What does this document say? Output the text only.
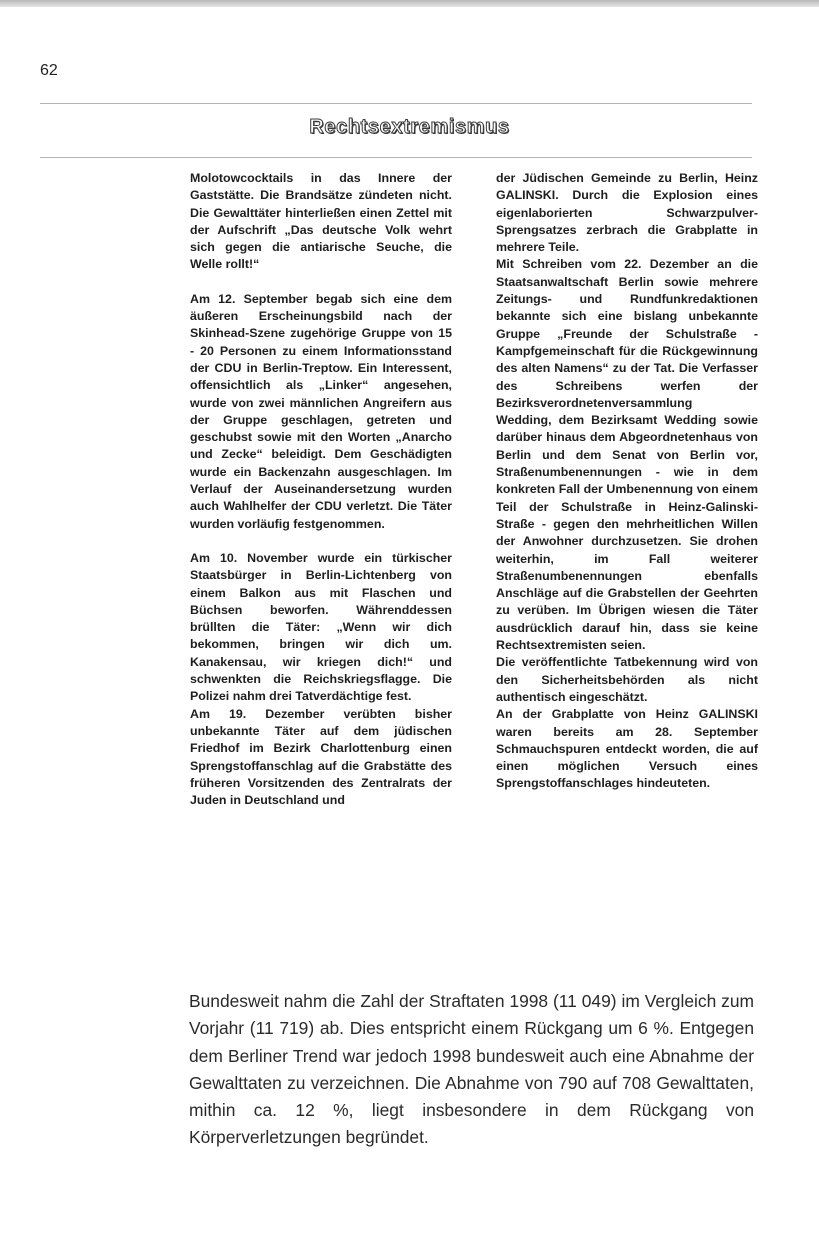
62
Rechtsextremismus

Molotowcocktails in das Innere der Gaststätte. Die Brandsätze zündeten nicht. Die Gewalttäter hinterließen einen Zettel mit der Aufschrift „Das deutsche Volk wehrt sich gegen die antiarische Seuche, die Welle rollt!“

Am 12. September begab sich eine dem äußeren Erscheinungsbild nach der Skinhead-Szene zugehörige Gruppe von 15 - 20 Personen zu einem Informationsstand der CDU in Berlin-Treptow. Ein Interessent, offensichtlich als „Linker“ angesehen, wurde von zwei männlichen Angreifern aus der Gruppe geschlagen, getreten und geschubst sowie mit den Worten „Anarcho und Zecke“ beleidigt. Dem Geschädigten wurde ein Backenzahn ausgeschlagen. Im Verlauf der Auseinandersetzung wurden auch Wahlhelfer der CDU verletzt. Die Täter wurden vorläufig festgenommen.

Am 10. November wurde ein türkischer Staatsbürger in Berlin-Lichtenberg von einem Balkon aus mit Flaschen und Büchsen beworfen. Währenddessen brüllten die Täter: „Wenn wir dich bekommen, bringen wir dich um. Kanakensau, wir kriegen dich!“ und schwenkten die Reichskriegsflagge. Die Polizei nahm drei Tatverdächtige fest.

Am 19. Dezember verübten bisher unbekannte Täter auf dem jüdischen Friedhof im Bezirk Charlottenburg einen Sprengstoffanschlag auf die Grabstätte des früheren Vorsitzenden des Zentralrats der Juden in Deutschland und

der Jüdischen Gemeinde zu Berlin, Heinz GALINSKI. Durch die Explosion eines eigenlaborierten Schwarzpulver-Sprengsatzes zerbrach die Grabplatte in mehrere Teile.

Mit Schreiben vom 22. Dezember an die Staatsanwaltschaft Berlin sowie mehrere Zeitungs- und Rundfunkredaktionen bekannte sich eine bislang unbekannte Gruppe „Freunde der Schulstraße - Kampfgemeinschaft für die Rückgewinnung des alten Namens“ zu der Tat. Die Verfasser des Schreibens werfen der Bezirksverordnetenversammlung

Wedding, dem Bezirksamt Wedding sowie darüber hinaus dem Abgeordnetenhaus von Berlin und dem Senat von Berlin vor, Straßenumbenennungen - wie in dem konkreten Fall der Umbenennung von einem Teil der Schulstraße in Heinz-Galinski-Straße - gegen den mehrheitlichen Willen der Anwohner durchzusetzen. Sie drohen weiterhin, im Fall weiterer Straßenumbenennungen ebenfalls Anschläge auf die Grabstellen der Geehrten zu verüben. Im Übrigen wiesen die Täter ausdrücklich darauf hin, dass sie keine Rechtsextremisten seien.

Die veröffentlichte Tatbekennung wird von den Sicherheitsbehörden als nicht authentisch eingeschätzt.

An der Grabplatte von Heinz GALINSKI waren bereits am 28. September Schmauchspuren entdeckt worden, die auf einen möglichen Versuch eines Sprengstoffanschlages hindeuteten.

Bundesweit nahm die Zahl der Straftaten 1998 (11 049) im Vergleich zum Vorjahr (11 719) ab. Dies entspricht einem Rückgang um 6 %. Entgegen dem Berliner Trend war jedoch 1998 bundesweit auch eine Abnahme der Gewalttaten zu verzeichnen. Die Abnahme von 790 auf 708 Gewalttaten, mithin ca. 12 %, liegt insbesondere in dem Rückgang von Körperverletzungen begründet.
